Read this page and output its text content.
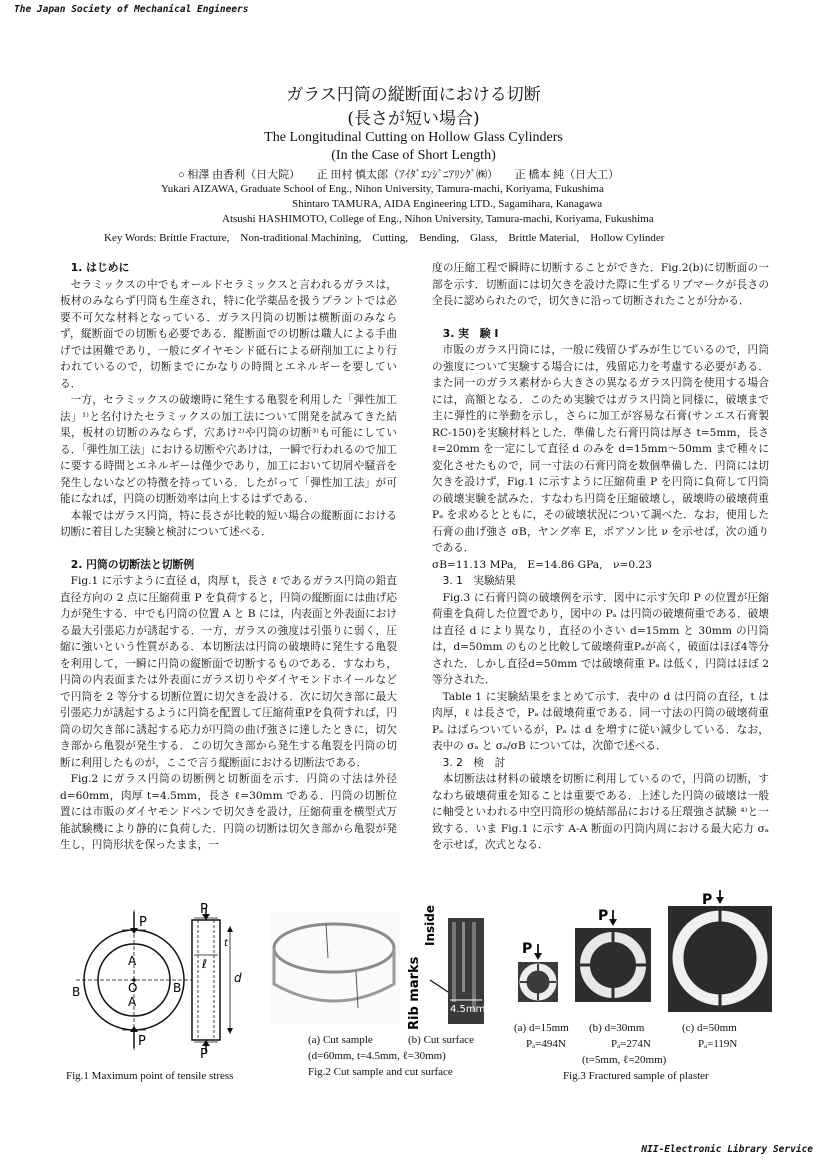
The Japan Society of Mechanical Engineers
ガラス円筒の縦断面における切断
(長さが短い場合)
The Longitudinal Cutting on Hollow Glass Cylinders
(In the Case of Short Length)
○ 相澤 由香利（日大院）　　正 田村 慎太郎（ｱｲﾀﾞｴﾝｼﾞﾆｱﾘﾝｸﾞ㈱）　　正 橋本 純（日大工）
Yukari AIZAWA, Graduate School of Eng., Nihon University, Tamura-machi, Koriyama, Fukushima
Shintaro TAMURA, AIDA Engineering LTD., Sagamihara, Kanagawa
Atsushi HASHIMOTO, College of Eng., Nihon University, Tamura-machi, Koriyama, Fukushima
Key Words: Brittle Fracture,　Non-traditional Machining,　Cutting,　Bending,　Glass,　Brittle Material,　Hollow Cylinder

1. はじめに

セラミックスの中でもオールドセラミックスと言われるガラスは，板材のみならず円筒も生産され，特に化学薬品を扱うプラントでは必要不可欠な材料となっている．ガラス円筒の切断は横断面のみならず，縦断面での切断も必要である．縦断面での切断は職人による手曲げでは困難であり，一般にダイヤモンド砥石による研削加工により行われているので，切断までにかなりの時間とエネルギーを要している．

一方，セラミックスの破壊時に発生する亀裂を利用した「弾性加工法」¹⁾と名付けたセラミックスの加工法について開発を試みてきた結果，板材の切断のみならず，穴あけ²⁾や円筒の切断³⁾も可能にしている．「弾性加工法」における切断や穴あけは，一瞬で行われるので加工に要する時間とエネルギーは僅少であり，加工において切屑や騒音を発生しないなどの特徴を持っている．したがって「弾性加工法」が可能になれば，円筒の切断効率は向上するはずである．

本報ではガラス円筒，特に長さが比較的短い場合の縦断面における切断に着目した実験と検討について述べる．

2. 円筒の切断法と切断例

Fig.1 に示すように直径 d，肉厚 t，長さ ℓ であるガラス円筒の鉛直直径方向の 2 点に圧縮荷重 P を負荷すると，円筒の縦断面には曲げ応力が発生する．中でも円筒の位置 A と B には，内表面と外表面における最大引張応力が誘起する．一方，ガラスの強度は引張りに弱く，圧縮に強いという性質がある．本切断法は円筒の破壊時に発生する亀裂を利用して，一瞬に円筒の縦断面で切断するものである．すなわち，円筒の内表面または外表面にガラス切りやダイヤモンドホイールなどで円筒を 2 等分する切断位置に切欠きを設ける．次に切欠き部に最大引張応力が誘起するように円筒を配置して圧縮荷重Pを負荷すれば，円筒の切欠き部に誘起する応力が円筒の曲げ強さに達したときに，切欠き部から亀裂が発生する．この切欠き部から発生する亀裂を円筒の切断に利用したものが，ここで言う縦断面における切断法である．

Fig.2 にガラス円筒の切断例と切断面を示す．円筒の寸法は外径 d=60mm，肉厚 t=4.5mm，長さ ℓ=30mm である．円筒の切断位置には市販のダイヤモンドペンで切欠きを設け，圧縮荷重を横型式万能試験機により静的に負荷した．円筒の切断は切欠き部から亀裂が発生し，円筒形状を保ったまま，一

度の圧縮工程で瞬時に切断することができた．Fig.2(b)に切断面の一部を示す．切断面には切欠きを設けた際に生ずるリブマークが長さの全長に認められたので，切欠きに沿って切断されたことが分かる．

3. 実　験 I

市販のガラス円筒には，一般に残留ひずみが生じているので，円筒の強度について実験する場合には，残留応力を考慮する必要がある．また同一のガラス素材から大きさの異なるガラス円筒を使用する場合には，高額となる．このため実験ではガラス円筒と同様に，破壊まで主に弾性的に挙動を示し，さらに加工が容易な石膏(サンエス石膏製　RC-150)を実験材料とした．準備した石膏円筒は厚さ t=5mm，長さ ℓ=20mm を一定にして直径 d のみを d=15mm～50mm まで種々に変化させたもので，同一寸法の石膏円筒を数個準備した．円筒には切欠きを設けず，Fig.1 に示すように圧縮荷重 P を円筒に負荷して円筒の破壊実験を試みた．すなわち円筒を圧縮破壊し，破壊時の破壊荷重 Pₐ を求めるとともに，その破壊状況について調べた．なお，使用した石膏の曲げ強さ σB，ヤング率 E，ポアソン比 ν を示せば，次の通りである．

σB=11.13 MPa,　E=14.86 GPa,　ν=0.23

3. 1　実験結果

Fig.3 に石膏円筒の破壊例を示す．図中に示す矢印 P の位置が圧縮荷重を負荷した位置であり，図中の Pₐ は円筒の破壊荷重である．破壊は直径 d により異なり，直径の小さい d=15mm と 30mm の円筒は，d=50mm のものと比較して破壊荷重Pₐが高く，破面はほぼ4等分された．しかし直径d=50mm では破壊荷重 Pₐ は低く，円筒はほぼ 2 等分された．

Table 1 に実験結果をまとめて示す．表中の d は円筒の直径，t は肉厚，ℓ は長さで，Pₐ は破壊荷重である．同一寸法の円筒の破壊荷重 Pₐ はばらついているが，Pₐ は d を増すに従い減少している．なお，表中の σₐ と σₐ/σB については，次節で述べる．

3. 2　検　討

本切断法は材料の破壊を切断に利用しているので，円筒の切断，すなわち破壊荷重を知ることは重要である．上述した円筒の破壊は一般に軸受といわれる中空円筒形の焼結部品における圧環強さ試験 ⁴⁾と一致する．いま Fig.1 に示す A-A 断面の円筒内周における最大応力 σₐ を示せば，次式となる．

P
P
P
P
A
A
O
B	B
ℓ
d
t
Fig.1 Maximum point of tensile stress
Rib marks
Inside
4.5mm
(a) Cut sample	(b) Cut surface
(d=60mm, t=4.5mm, ℓ=30mm)
Fig.2 Cut sample and cut surface
P
P
P
(a) d=15mm (b) d=30mm	(c) d=50mm
Pₐ=494N	Pₐ=274N	Pₐ=119N
(t=5mm, ℓ=20mm)
Fig.3 Fractured sample of plaster
NII-Electronic Library Service
